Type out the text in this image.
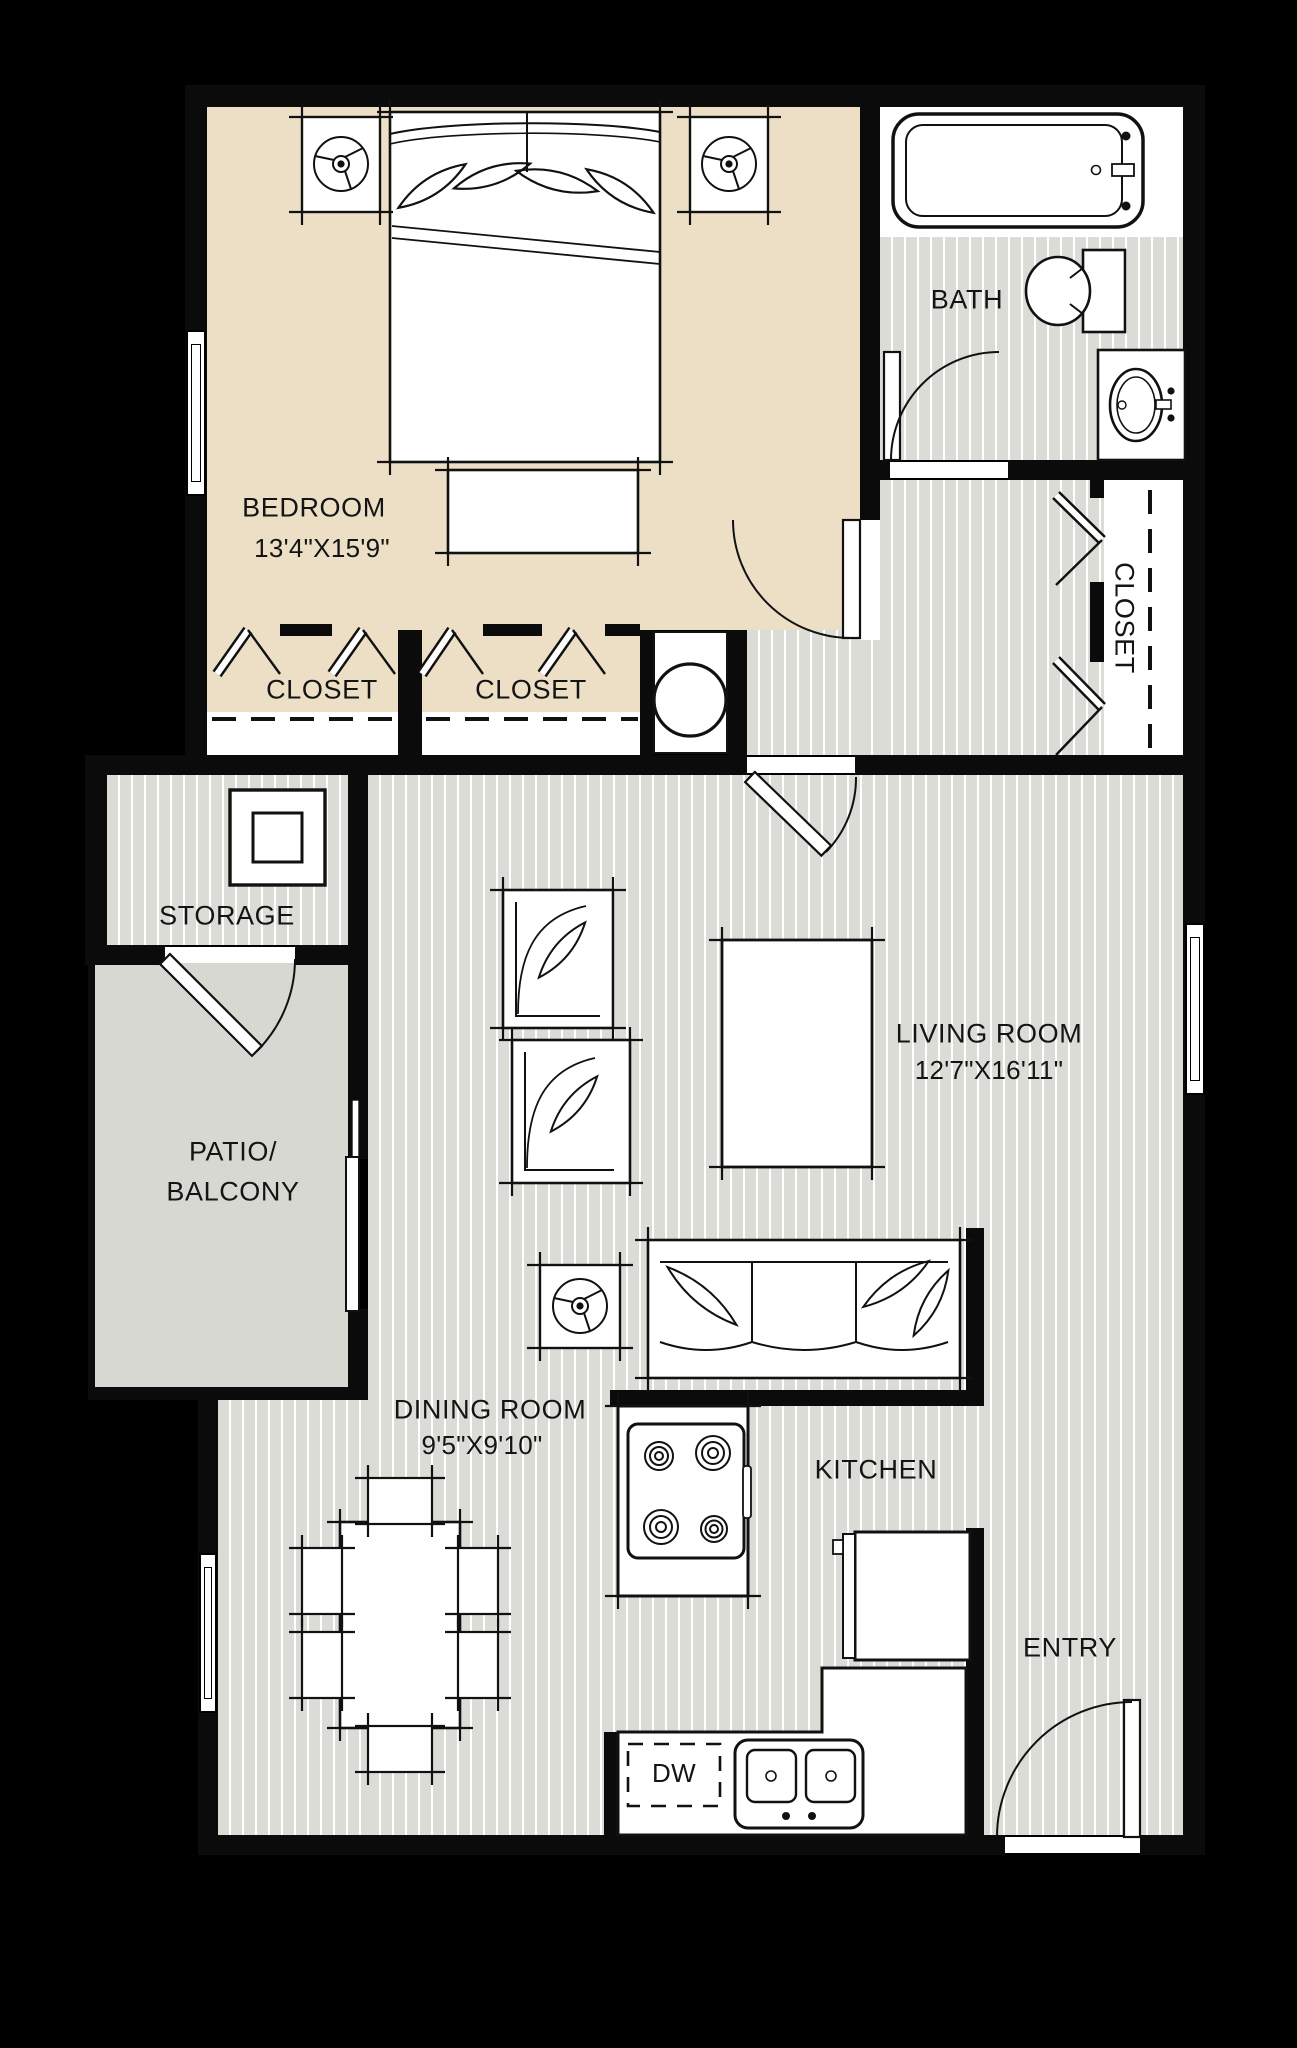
BEDROOM
13'4"X15'9"
BATH
CLOSET	CLOSET
CLOSET
STORAGE
PATIO/
BALCONY
LIVING ROOM
12'7"X16'11"
DINING ROOM
9'5"X9'10"
KITCHEN
ENTRY
DW
